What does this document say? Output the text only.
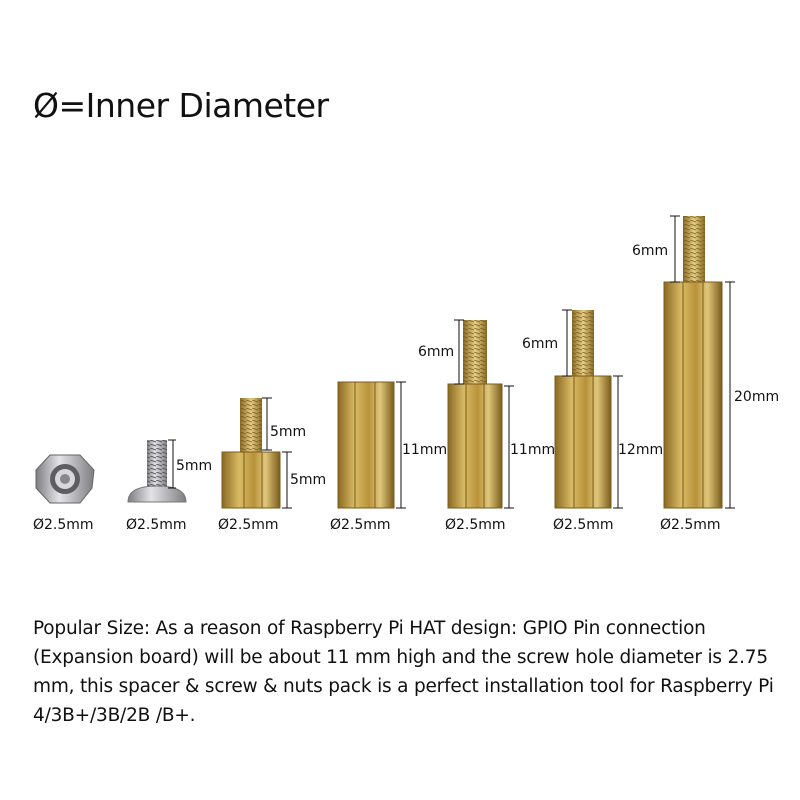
Ø=Inner Diameter
5mm
5mm
5mm
11mm
6mm
11mm
6mm
12mm
6mm
20mm
Ø2.5mm Ø2.5mm Ø2.5mm	Ø2.5mm	Ø2.5mm	Ø2.5mm	Ø2.5mm
Popular Size: As a reason of Raspberry Pi HAT design: GPIO Pin connection (Expansion board) will be about 11 mm high and the screw hole diameter is 2.75 mm, this spacer & screw & nuts pack is a perfect installation tool for Raspberry Pi 4/3B+/3B/2B /B+.
